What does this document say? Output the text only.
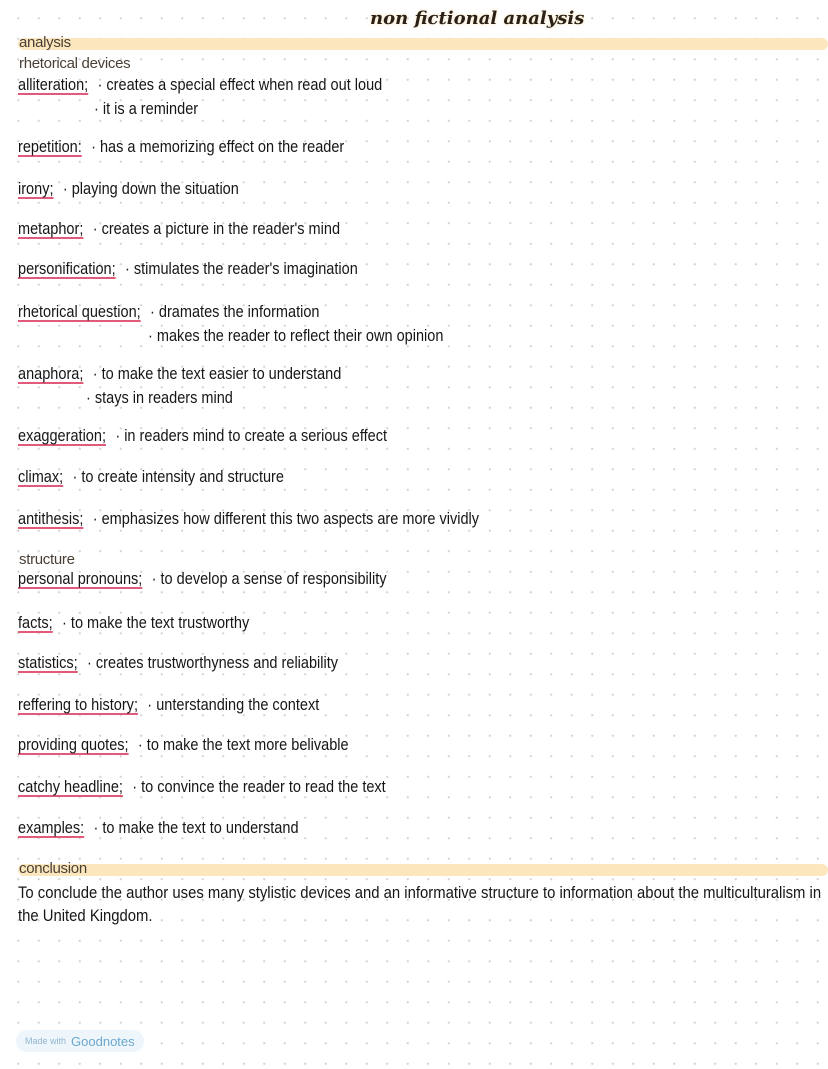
non fictional analysis
analysis
rhetorical devices
alliteration; · creates a special effect when read out loud
· it is a reminder
repetition: · has a memorizing effect on the reader
irony; · playing down the situation
metaphor; · creates a picture in the reader's mind
personification; · stimulates the reader's imagination
rhetorical question; · dramates the information
· makes the reader to reflect their own opinion
anaphora; · to make the text easier to understand
· stays in readers mind
exaggeration; · in readers mind to create a serious effect
climax; · to create intensity and structure
antithesis; · emphasizes how different this two aspects are more vividly
structure
personal pronouns; · to develop a sense of responsibility
facts; · to make the text trustworthy
statistics; · creates trustworthyness and reliability
reffering to history; · unterstanding the context
providing quotes; · to make the text more belivable
catchy headline; · to convince the reader to read the text
examples: · to make the text to understand
conclusion
To conclude the author uses many stylistic devices and an informative structure to information about the multiculturalism in the United Kingdom.
Made with Goodnotes
